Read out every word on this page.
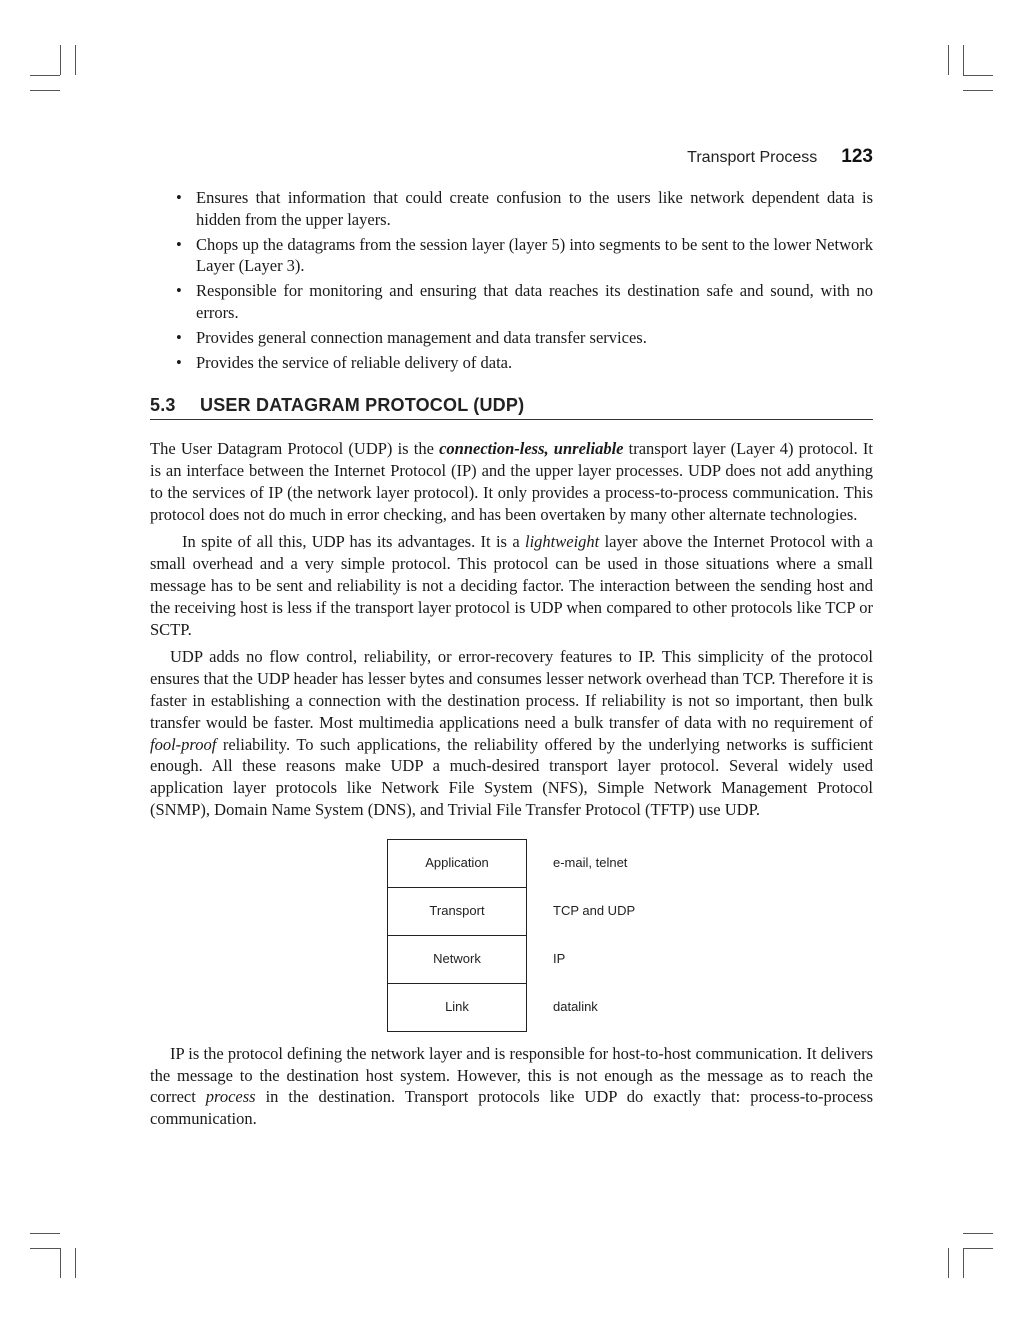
Transport Process 123
• Ensures that information that could create confusion to the users like network dependent data is hidden from the upper layers.
• Chops up the datagrams from the session layer (layer 5) into segments to be sent to the lower Network Layer (Layer 3).
• Responsible for monitoring and ensuring that data reaches its destination safe and sound, with no errors.
• Provides general connection management and data transfer services.
• Provides the service of reliable delivery of data.
5.3 USER DATAGRAM PROTOCOL (UDP)

The User Datagram Protocol (UDP) is the connection-less, unreliable transport layer (Layer 4) protocol. It is an interface between the Internet Protocol (IP) and the upper layer processes. UDP does not add anything to the services of IP (the network layer protocol). It only provides a process-to-process communication. This protocol does not do much in error checking, and has been overtaken by many other alternate technologies.

In spite of all this, UDP has its advantages. It is a lightweight layer above the Internet Protocol with a small overhead and a very simple protocol. This protocol can be used in those situations where a small message has to be sent and reliability is not a deciding factor. The interaction between the sending host and the receiving host is less if the transport layer protocol is UDP when compared to other protocols like TCP or SCTP.

UDP adds no flow control, reliability, or error-recovery features to IP. This simplicity of the protocol ensures that the UDP header has lesser bytes and consumes lesser network overhead than TCP. Therefore it is faster in establishing a connection with the destination process. If reliability is not so important, then bulk transfer would be faster. Most multimedia applications need a bulk transfer of data with no requirement of fool-proof reliability. To such applications, the reliability offered by the underlying networks is sufficient enough. All these reasons make UDP a much-desired transport layer protocol. Several widely used application layer protocols like Network File System (NFS), Simple Network Management Protocol (SNMP), Domain Name System (DNS), and Trivial File Transfer Protocol (TFTP) use UDP.

Application
Transport
Network
Link
e-mail, telnet
TCP and UDP
IP
datalink

IP is the protocol defining the network layer and is responsible for host-to-host communication. It delivers the message to the destination host system. However, this is not enough as the message as to reach the correct process in the destination. Transport protocols like UDP do exactly that: process-to-process communication.
